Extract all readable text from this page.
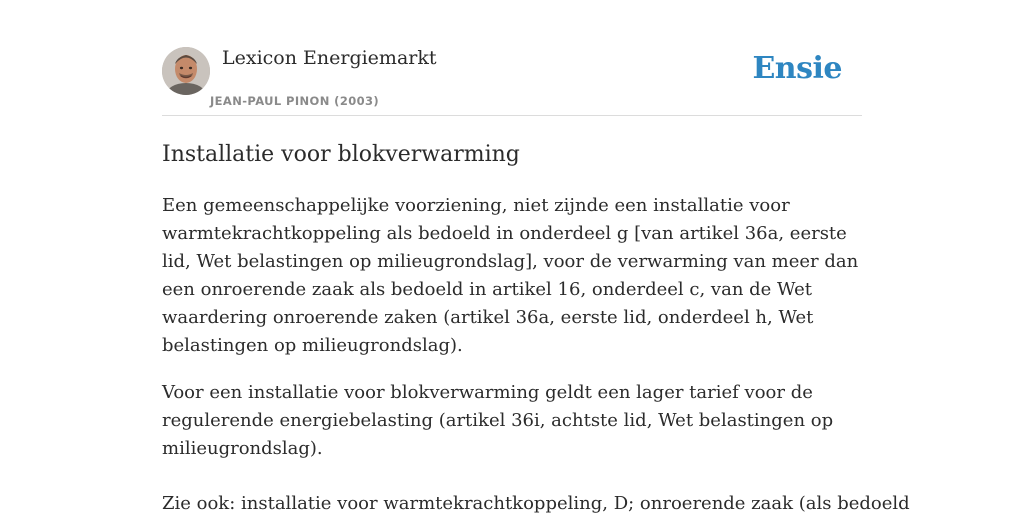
Lexicon Energiemarkt
JEAN-PAUL PINON (2003)
Ensie
Installatie voor blokverwarming

Een gemeenschappelijke voorziening, niet zijnde een installatie voor warmtekrachtkoppeling als bedoeld in onderdeel g [van artikel 36a, eerste lid, Wet belastingen op milieugrondslag], voor de verwarming van meer dan een onroerende zaak als bedoeld in artikel 16, onderdeel c, van de Wet waardering onroerende zaken (artikel 36a, eerste lid, onderdeel h, Wet belastingen op milieugrondslag).

Voor een installatie voor blokverwarming geldt een lager tarief voor de regulerende energiebelasting (artikel 36i, achtste lid, Wet belastingen op milieugrondslag).

Zie ook: installatie voor warmtekrachtkoppeling, D; onroerende zaak (als bedoeld
